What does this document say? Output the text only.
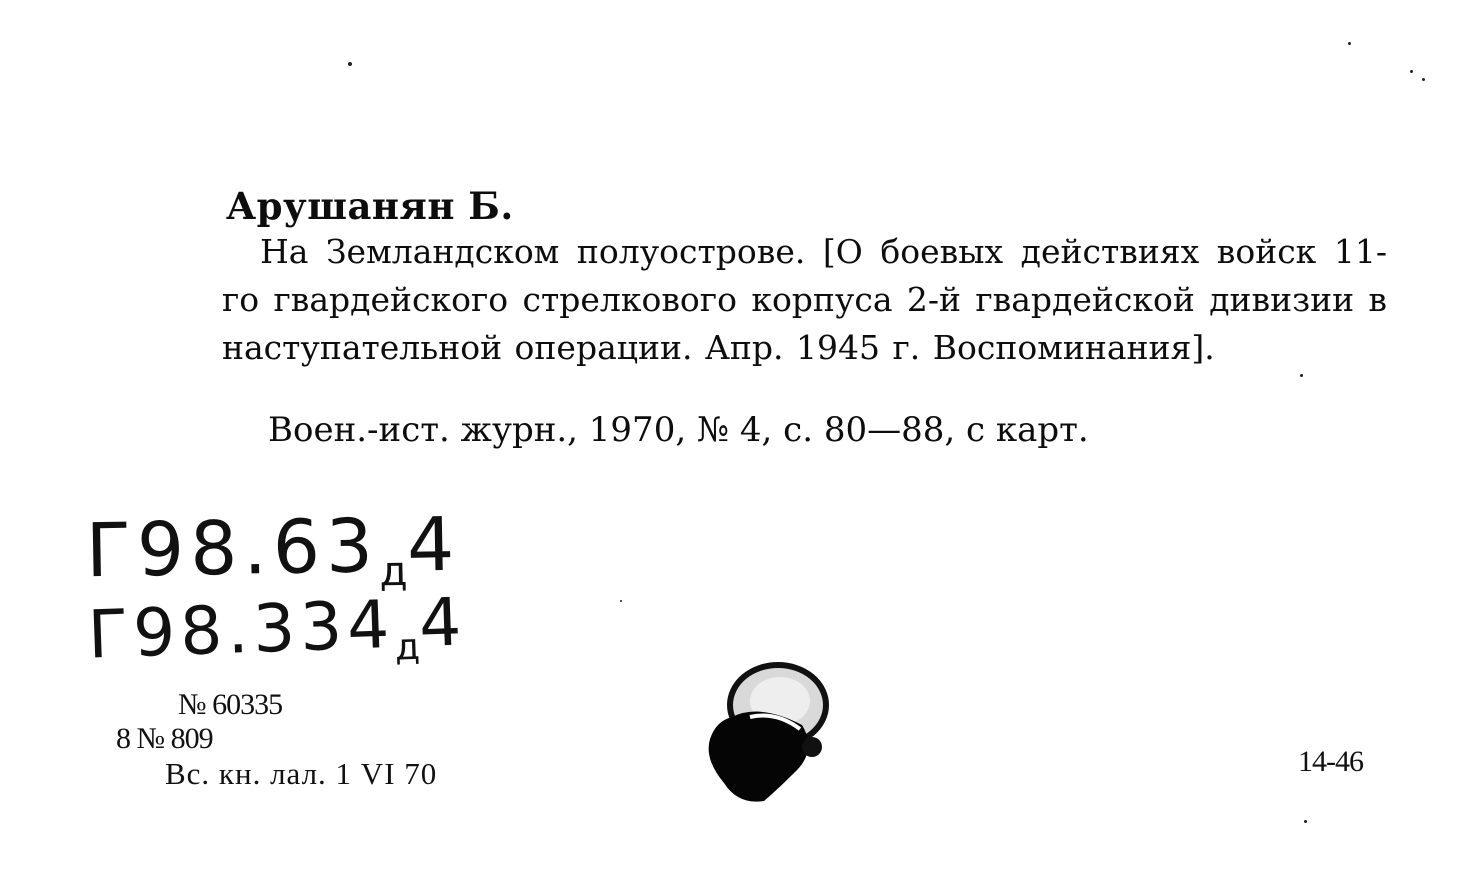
Арушанян Б.

На Земландском полуострове. [О боевых действиях войск 11-го гвардейского стрелкового корпуса 2-й гвардейской дивизии в наступательной операции. Апр. 1945 г. Воспоминания].

Воен.-ист. журн., 1970, № 4, с. 80—88, с карт.
$Г98.63_д4$
$Г98.334_д4$
№ 60335
8 № 809
Вс. кн. лал. 1 VI 70	14-46
